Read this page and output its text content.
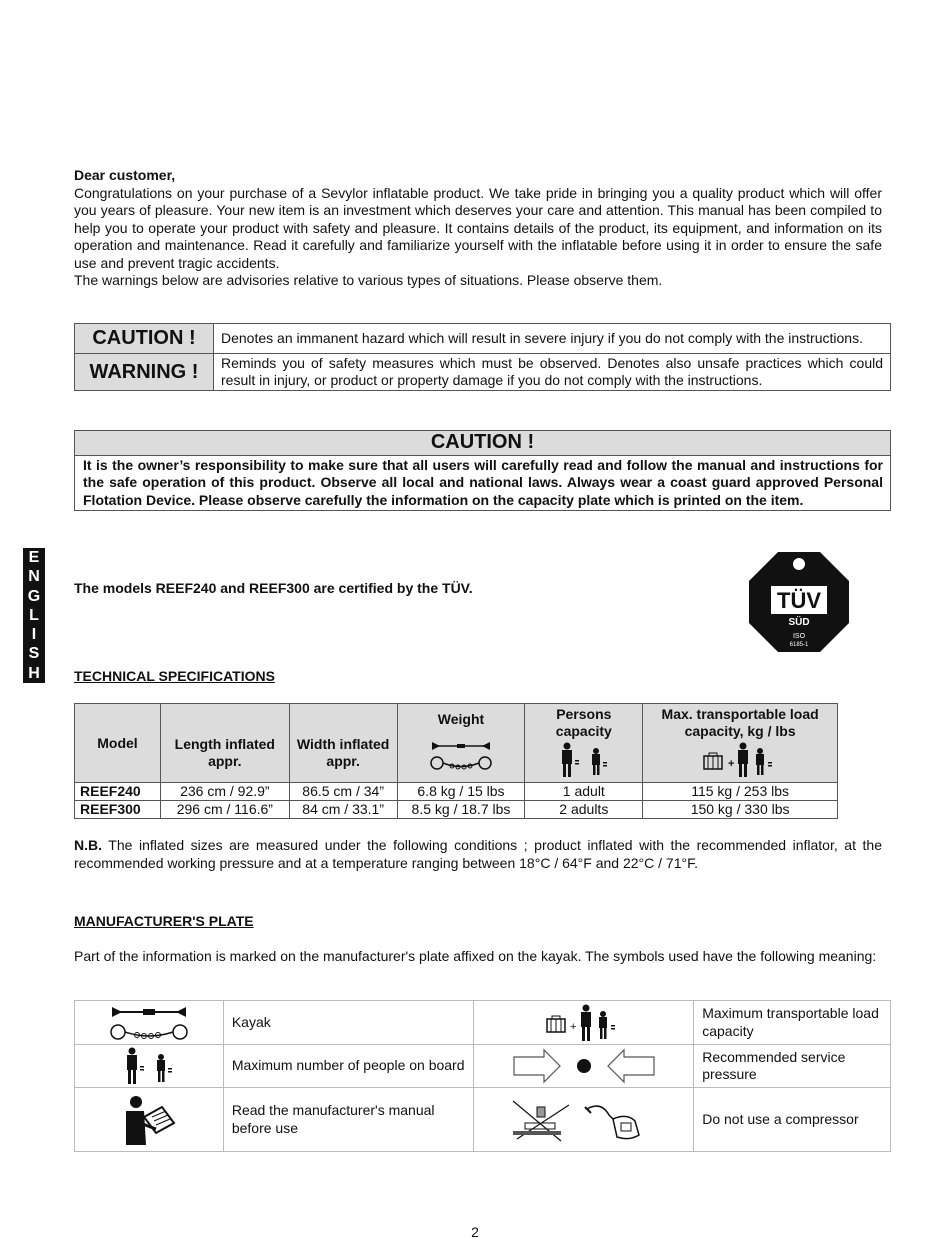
Dear customer,

Congratulations on your purchase of a Sevylor inflatable product. We take pride in bringing you a quality product which will offer you years of pleasure. Your new item is an investment which deserves your care and attention. This manual has been compiled to help you to operate your product with safety and pleasure. It contains details of the product, its equipment, and information on its operation and maintenance. Read it carefully and familiarize yourself with the inflatable before using it in order to ensure the safe use and prevent tragic accidents.

The warnings below are advisories relative to various types of situations. Please observe them.

CAUTION !	Denotes an immanent hazard which will result in severe injury if you do not comply with the instructions.
WARNING !	Reminds you of safety measures which must be observed. Denotes also unsafe practices which could result in injury, or product or property damage if you do not comply with the instructions.
CAUTION !
It is the owner’s responsibility to make sure that all users will carefully read and follow the manual and instructions for the safe operation of this product. Observe all local and national laws. Always wear a coast guard approved Personal Flotation Device. Please observe carefully the information on the capacity plate which is printed on the item.
E
N
G
L
I
S
H
The models REEF240 and REEF300 are certified by the TÜV.	TÜV
SÜD
ISO
6185-1
TECHNICAL SPECIFICATIONS
Model	Length inflated appr.	Width inflated appr.	Weight	Persons capacity	Max. transportable load capacity, kg / lbs
+

REEF240	236 cm / 92.9”	86.5 cm / 34”	6.8 kg / 15 lbs	1 adult	115 kg / 253 lbs
REEF300	296 cm / 116.6”	84 cm / 33.1”	8.5 kg / 18.7 lbs	2 adults	150 kg / 330 lbs
N.B. The inflated sizes are measured under the following conditions ; product inflated with the recommended inflator, at the recommended working pressure and at a temperature ranging between 18°C / 64°F and 22°C / 71°F.
MANUFACTURER'S PLATE
Part of the information is marked on the manufacturer's plate affixed on the kayak. The symbols used have the following meaning:
	Kayak	+	Maximum transportable load capacity
	Maximum number of people on board		Recommended service pressure
	Read the manufacturer's manual before use		Do not use a compressor
2
